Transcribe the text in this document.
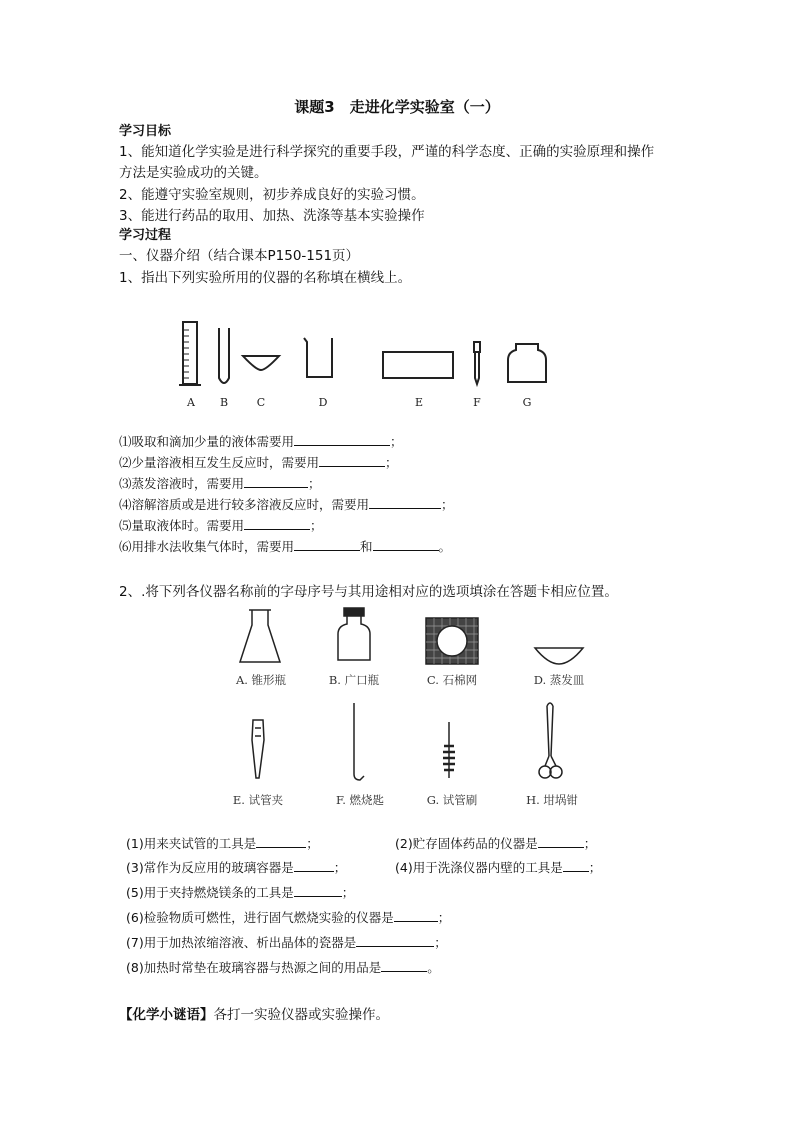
课题3　走进化学实验室（一）
学习目标
1、能知道化学实验是进行科学探究的重要手段，严谨的科学态度、正确的实验原理和操作
方法是实验成功的关键。
2、能遵守实验室规则，初步养成良好的实验习惯。
3、能进行药品的取用、加热、洗涤等基本实验操作
学习过程
一、仪器介绍（结合课本P150-151页）
1、指出下列实验所用的仪器的名称填在横线上。
A	B	C	D	E	F	G
⑴吸取和滴加少量的液体需要用	；
⑵少量溶液相互发生反应时，需要用	；
⑶蒸发溶液时，需要用	；
⑷溶解溶质或是进行较多溶液反应时，需要用	；
⑸量取液体时。需要用	；
⑹用排水法收集气体时，需要用	和	。
2、.将下列各仪器名称前的字母序号与其用途相对应的选项填涂在答题卡相应位置。
A. 锥形瓶	B. 广口瓶	C. 石棉网	D. 蒸发皿
E. 试管夹	F. 燃烧匙	G. 试管刷	H. 坩埚钳
(1)用来夹试管的工具是	；	(2)贮存固体药品的仪器是	；
(3)常作为反应用的玻璃容器是	；	(4)用于洗涤仪器内壁的工具是 ；
(5)用于夹持燃烧镁条的工具是	；
(6)检验物质可燃性，进行固气燃烧实验的仪器是	；
(7)用于加热浓缩溶液、析出晶体的瓷器是	；
(8)加热时常垫在玻璃容器与热源之间的用品是	。
【化学小谜语】各打一实验仪器或实验操作。
